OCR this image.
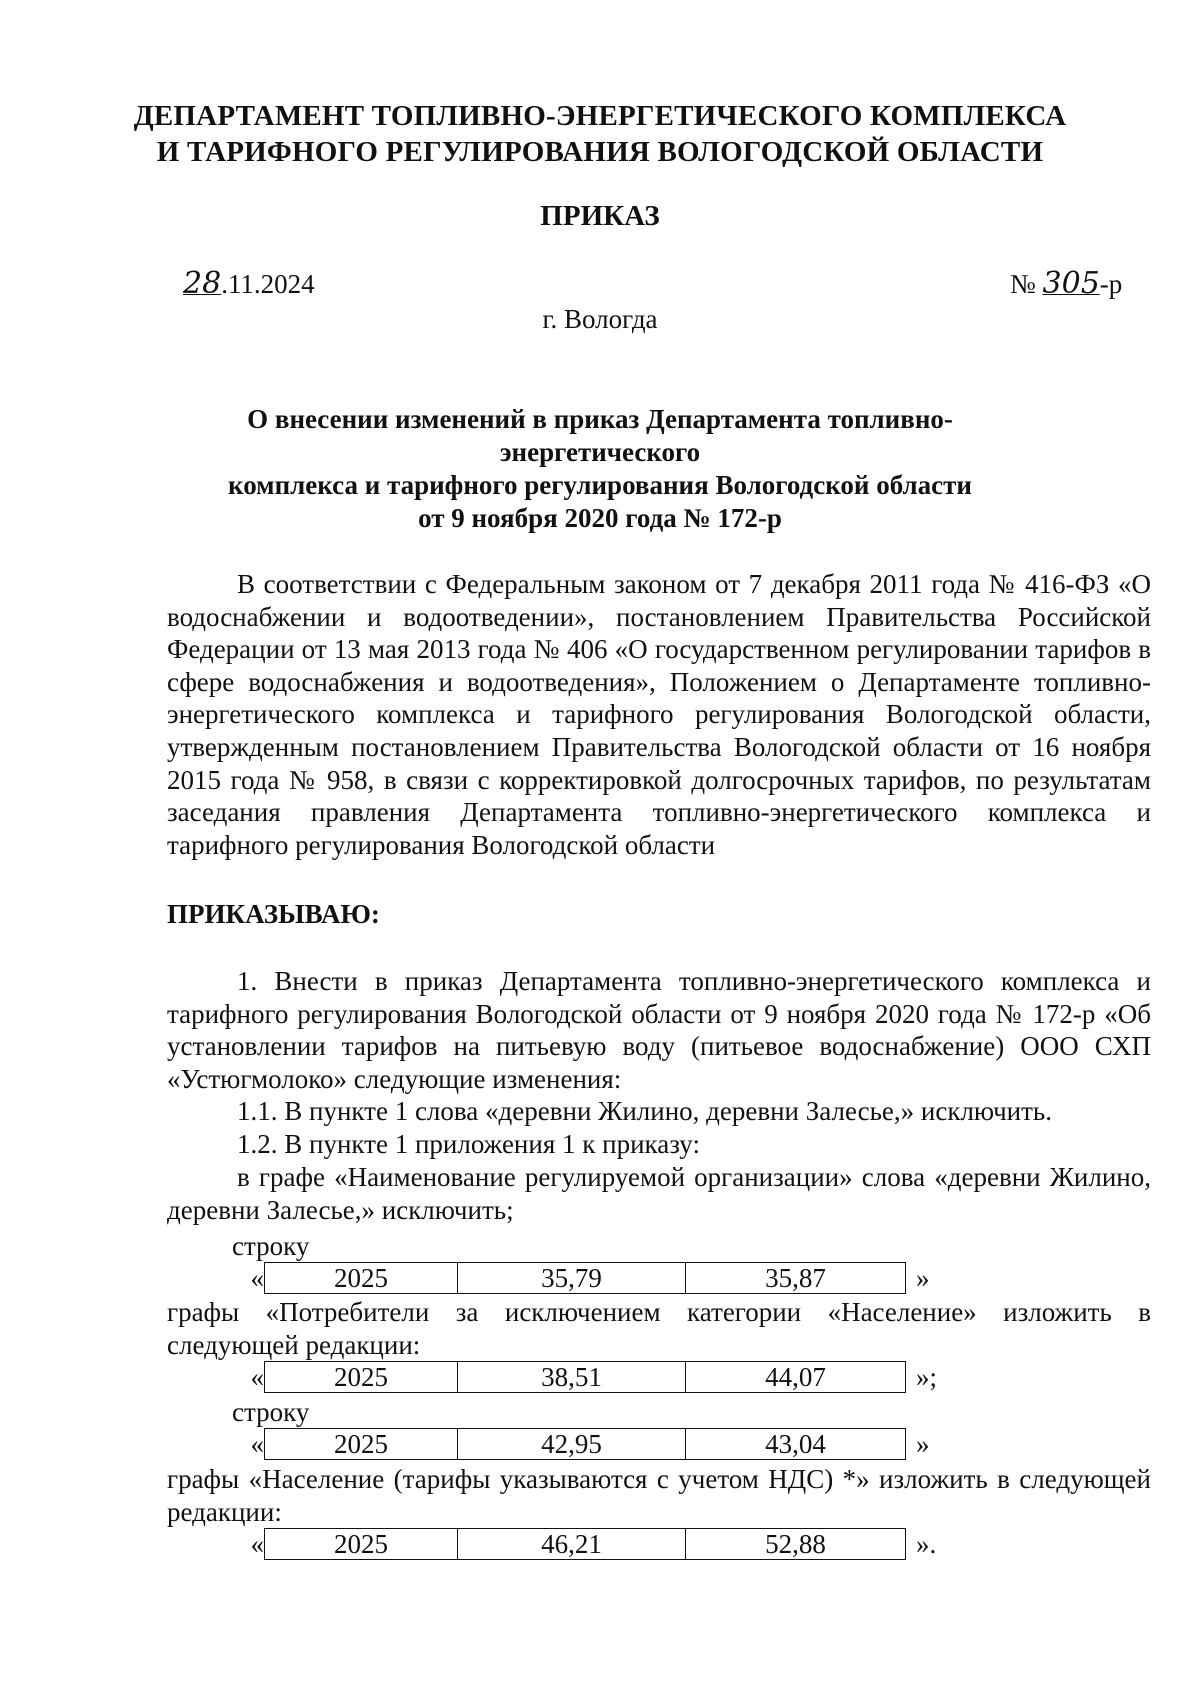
ДЕПАРТАМЕНТ ТОПЛИВНО-ЭНЕРГЕТИЧЕСКОГО КОМПЛЕКСА
И ТАРИФНОГО РЕГУЛИРОВАНИЯ ВОЛОГОДСКОЙ ОБЛАСТИ
ПРИКАЗ
28.11.2024	№ 305-р
г. Вологда
О внесении изменений в приказ Департамента топливно-энергетического
комплекса и тарифного регулирования Вологодской области
от 9 ноября 2020 года № 172-р
В соответствии с Федеральным законом от 7 декабря 2011 года № 416-ФЗ «О водоснабжении и водоотведении», постановлением Правительства Российской Федерации от 13 мая 2013 года № 406 «О государственном регулировании тарифов в сфере водоснабжения и водоотведения», Положением о Департаменте топливно-энергетического комплекса и тарифного регулирования Вологодской области, утвержденным постановлением Правительства Вологодской области от 16 ноября 2015 года № 958, в связи с корректировкой долгосрочных тарифов, по результатам заседания правления Департамента топливно-энергетического комплекса и тарифного регулирования Вологодской области
ПРИКАЗЫВАЮ:
1. Внести в приказ Департамента топливно-энергетического комплекса и тарифного регулирования Вологодской области от 9 ноября 2020 года № 172-р «Об установлении тарифов на питьевую воду (питьевое водоснабжение) ООО СХП «Устюгмолоко» следующие изменения:
1.1. В пункте 1 слова «деревни Жилино, деревни Залесье,» исключить.
1.2. В пункте 1 приложения 1 к приказу:
в графе «Наименование регулируемой организации» слова «деревни Жилино, деревни Залесье,» исключить;
строку
«	2025	35,79	35,87	»
графы «Потребители за исключением категории «Население» изложить в следующей редакции:
«	2025	38,51	44,07	»;
строку
«	2025	42,95	43,04	»
графы «Население (тарифы указываются с учетом НДС) *» изложить в следующей редакции:
«	2025	46,21	52,88	».
